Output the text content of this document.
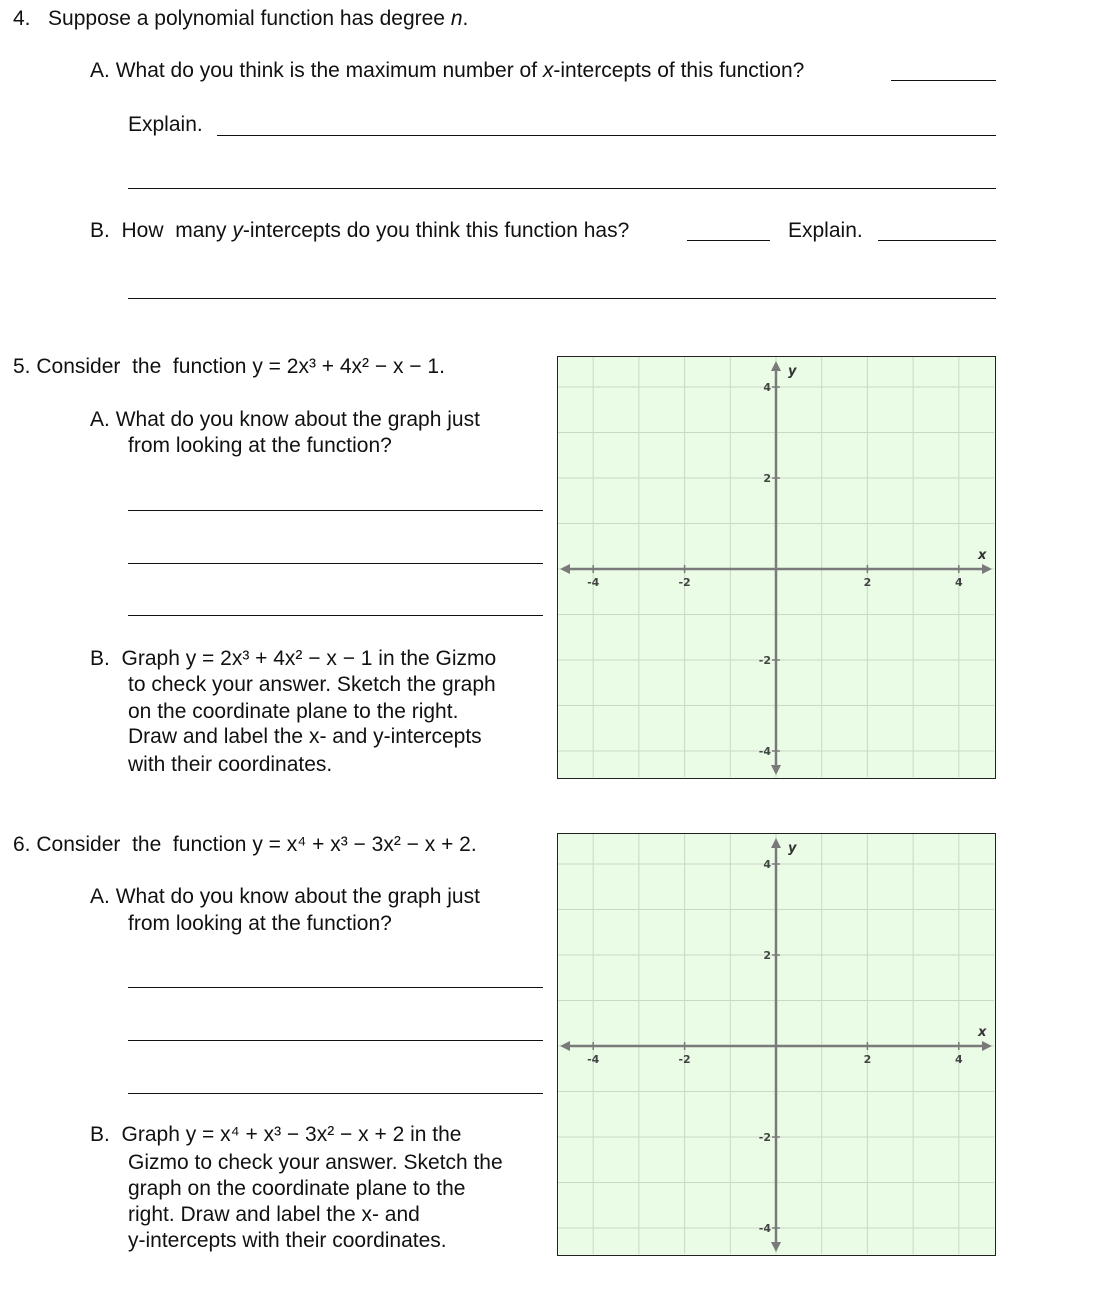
4. Suppose a polynomial function has degree n.
A. What do you think is the maximum number of x-intercepts of this function?
Explain.
B. How  many y-intercepts do you think this function has?	Explain.
5. Consider  the  function y = 2x³ + 4x² − x − 1.
A. What do you know about the graph just
from looking at the function?
B. Graph y = 2x³ + 4x² − x − 1 in the Gizmo
to check your answer. Sketch the graph
on the coordinate plane to the right.
Draw and label the x- and y-intercepts
with their coordinates.
-4	-2	2	4
4
2
-2
-4
x
y
6. Consider  the  function y = x⁴ + x³ − 3x² − x + 2.
A. What do you know about the graph just
from looking at the function?
B. Graph y = x⁴ + x³ − 3x² − x + 2 in the
Gizmo to check your answer. Sketch the
graph on the coordinate plane to the
right. Draw and label the x- and
y-intercepts with their coordinates.
-4	-2	2	4
4
2
-2
-4
x
y
